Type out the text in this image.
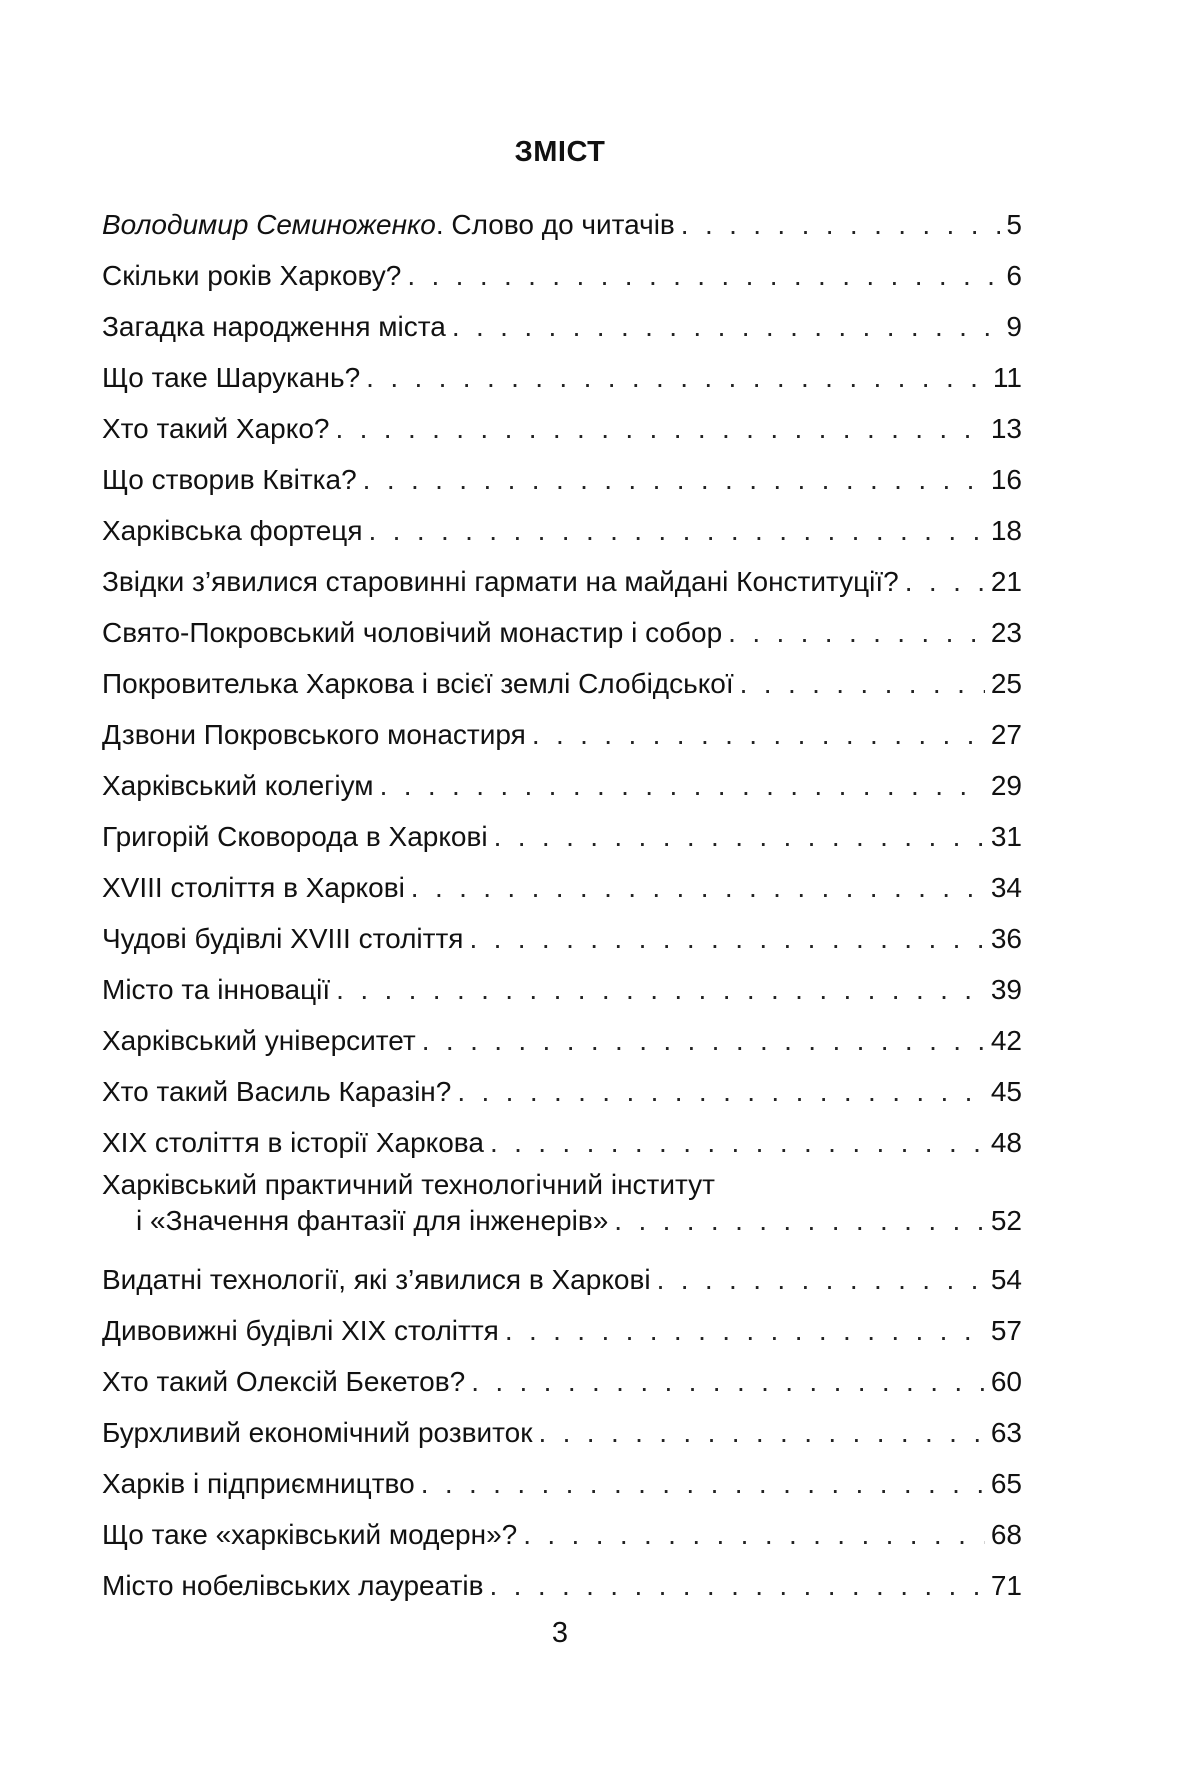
ЗМІСТ
Володимир Семиноженко. Слово до читачів . . .	5
Скільки років Харкову? . . .	6
Загадка народження міста . . .	9
Що таке Шарукань? . . .	11
Хто такий Харко? . . .	13
Що створив Квітка? . . .	16
Харківська фортеця . . .	18
Звідки з’явилися старовинні гармати на майдані Конституції? . . .	21
Свято-Покровський чоловічий монастир і собор . . .	23
Покровителька Харкова і всієї землі Слобідської . . .	25
Дзвони Покровського монастиря . . .	27
Харківський колегіум . . .	29
Григорій Сковорода в Харкові . . .	31
XVIII століття в Харкові . . .	34
Чудові будівлі XVIII століття . . .	36
Місто та інновації . . .	39
Харківський університет . . .	42
Хто такий Василь Каразін? . . .	45
XIX століття в історії Харкова . . .	48
Харківський практичний технологічний інститут
і «Значення фантазії для інженерів» . . .	52
Видатні технології, які з’явилися в Харкові . . .	54
Дивовижні будівлі XIX століття . . .	57
Хто такий Олексій Бекетов? . . .	60
Бурхливий економічний розвиток . . .	63
Харків і підприємництво . . .	65
Що таке «харківський модерн»? . . .	68
Місто нобелівських лауреатів . . .	71
3
